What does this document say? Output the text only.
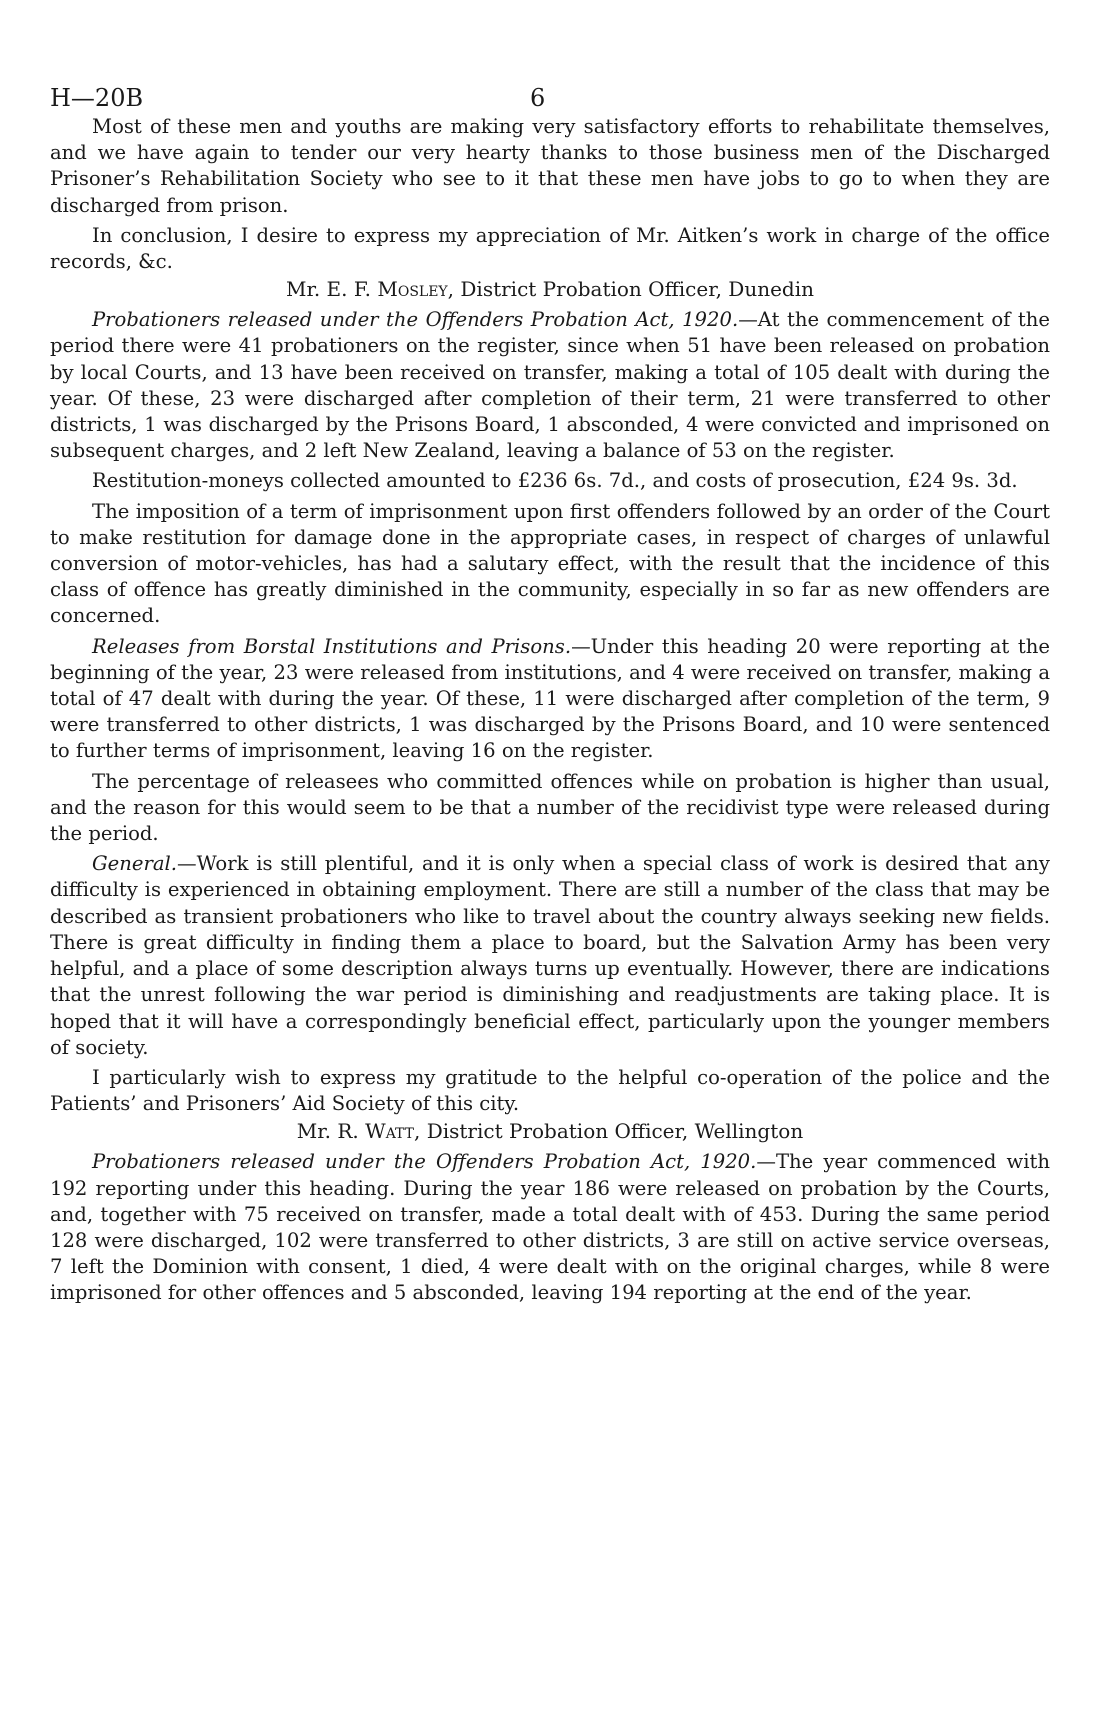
H—20B	6

Most of these men and youths are making very satisfactory efforts to rehabilitate themselves, and we have again to tender our very hearty thanks to those business men of the Discharged Prisoner’s Rehabilitation Society who see to it that these men have jobs to go to when they are discharged from prison.

In conclusion, I desire to express my appreciation of Mr. Aitken’s work in charge of the office records, &c.

Mr. E. F. Mosley, District Probation Officer, Dunedin

Probationers released under the Offenders Probation Act, 1920.—At the commencement of the period there were 41 probationers on the register, since when 51 have been released on probation by local Courts, and 13 have been received on transfer, making a total of 105 dealt with during the year. Of these, 23 were discharged after completion of their term, 21 were transferred to other districts, 1 was discharged by the Prisons Board, 1 absconded, 4 were convicted and imprisoned on subsequent charges, and 2 left New Zealand, leaving a balance of 53 on the register.

Restitution-moneys collected amounted to £236 6s. 7d., and costs of prosecution, £24 9s. 3d.

The imposition of a term of imprisonment upon first offenders followed by an order of the Court to make restitution for damage done in the appropriate cases, in respect of charges of unlawful conversion of motor-vehicles, has had a salutary effect, with the result that the incidence of this class of offence has greatly diminished in the community, especially in so far as new offenders are concerned.

Releases from Borstal Institutions and Prisons.—Under this heading 20 were reporting at the beginning of the year, 23 were released from institutions, and 4 were received on transfer, making a total of 47 dealt with during the year. Of these, 11 were discharged after completion of the term, 9 were transferred to other districts, 1 was discharged by the Prisons Board, and 10 were sentenced to further terms of imprisonment, leaving 16 on the register.

The percentage of releasees who committed offences while on probation is higher than usual, and the reason for this would seem to be that a number of the recidivist type were released during the period.

General.—Work is still plentiful, and it is only when a special class of work is desired that any difficulty is experienced in obtaining employment. There are still a number of the class that may be described as transient probationers who like to travel about the country always seeking new fields. There is great difficulty in finding them a place to board, but the Salvation Army has been very helpful, and a place of some description always turns up eventually. However, there are indications that the unrest following the war period is diminishing and readjustments are taking place. It is hoped that it will have a correspondingly beneficial effect, particularly upon the younger members of society.

I particularly wish to express my gratitude to the helpful co-operation of the police and the Patients’ and Prisoners’ Aid Society of this city.

Mr. R. Watt, District Probation Officer, Wellington

Probationers released under the Offenders Probation Act, 1920.—The year commenced with 192 reporting under this heading. During the year 186 were released on probation by the Courts, and, together with 75 received on transfer, made a total dealt with of 453. During the same period 128 were discharged, 102 were transferred to other districts, 3 are still on active service overseas, 7 left the Dominion with consent, 1 died, 4 were dealt with on the original charges, while 8 were imprisoned for other offences and 5 absconded, leaving 194 reporting at the end of the year.
